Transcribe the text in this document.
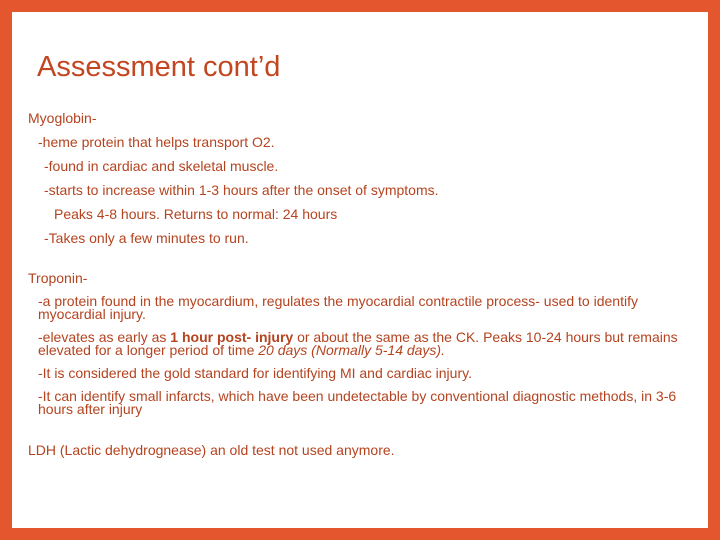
Assessment cont’d
Myoglobin-
-heme protein that helps transport O2.
-found in cardiac and skeletal muscle.
-starts to increase within 1-3 hours after the onset of symptoms.
Peaks 4-8 hours. Returns to normal: 24 hours
-Takes only a few minutes to run.
Troponin-
-a protein found in the myocardium, regulates the myocardial contractile process- used to identify myocardial injury.
-elevates as early as 1 hour post- injury or about the same as the CK. Peaks 10-24 hours but remains elevated for a longer period of time 20 days (Normally 5-14 days).
-It is considered the gold standard for identifying MI and cardiac injury.
-It can identify small infarcts, which have been undetectable by conventional diagnostic methods, in 3-6 hours after injury
LDH (Lactic dehydrognease) an old test not used anymore.
